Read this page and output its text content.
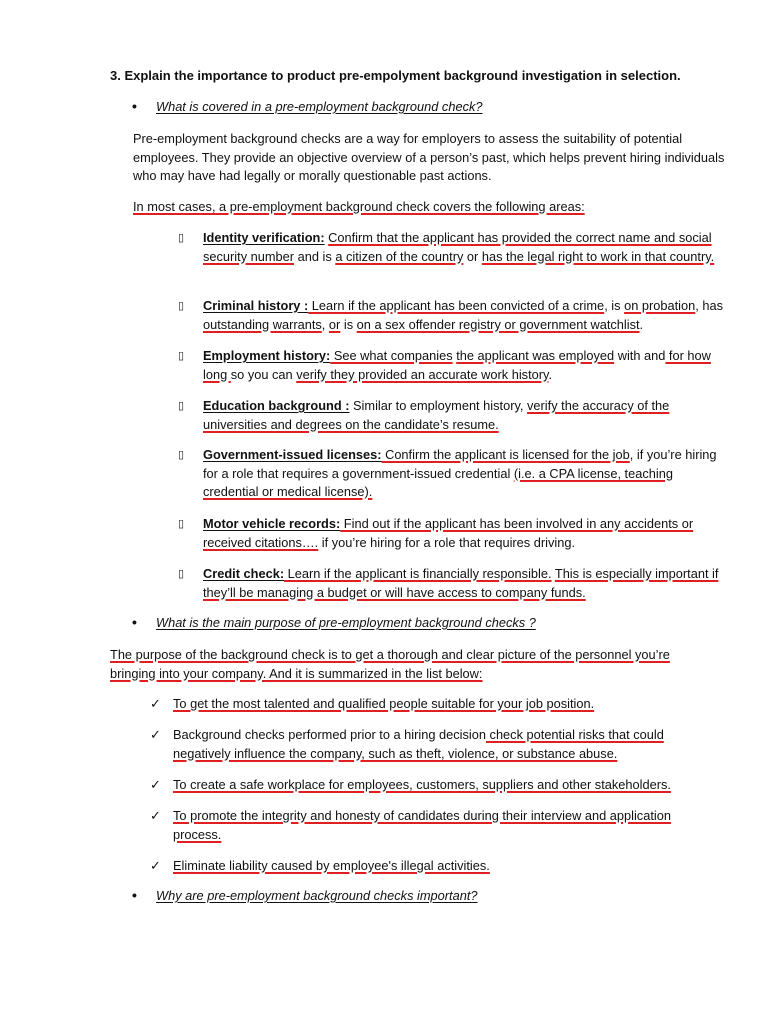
3. Explain the importance to product pre-empolyment background investigation in selection.

• What is covered in a pre-employment background check?

Pre-employment background checks are a way for employers to assess the suitability of potential employees. They provide an objective overview of a person’s past, which helps prevent hiring individuals who may have had legally or morally questionable past actions.

In most cases, a pre-employment background check covers the following areas:

▯ Identity verification: Confirm that the applicant has provided the correct name and social security number and is a citizen of the country or has the legal right to work in that country.

▯ Criminal history : Learn if the applicant has been convicted of a crime, is on probation, has outstanding warrants, or is on a sex offender registry or government watchlist.

▯ Employment history: See what companies the applicant was employed with and for how long so you can verify they provided an accurate work history.

▯ Education background : Similar to employment history, verify the accuracy of the universities and degrees on the candidate’s resume.

▯ Government-issued licenses: Confirm the applicant is licensed for the job, if you’re hiring for a role that requires a government-issued credential (i.e. a CPA license, teaching credential or medical license).

▯ Motor vehicle records: Find out if the applicant has been involved in any accidents or received citations…. if you’re hiring for a role that requires driving.

▯ Credit check: Learn if the applicant is financially responsible. This is especially important if they’ll be managing a budget or will have access to company funds.

• What is the main purpose of pre-employment background checks ?

The purpose of the background check is to get a thorough and clear picture of the personnel you’re bringing into your company. And it is summarized in the list below:

✓ To get the most talented and qualified people suitable for your job position.

✓ Background checks performed prior to a hiring decision check potential risks that could negatively influence the company, such as theft, violence, or substance abuse.

✓ To create a safe workplace for employees, customers, suppliers and other stakeholders.

✓ To promote the integrity and honesty of candidates during their interview and application process.

✓ Eliminate liability caused by employee's illegal activities.

• Why are pre-employment background checks important?
